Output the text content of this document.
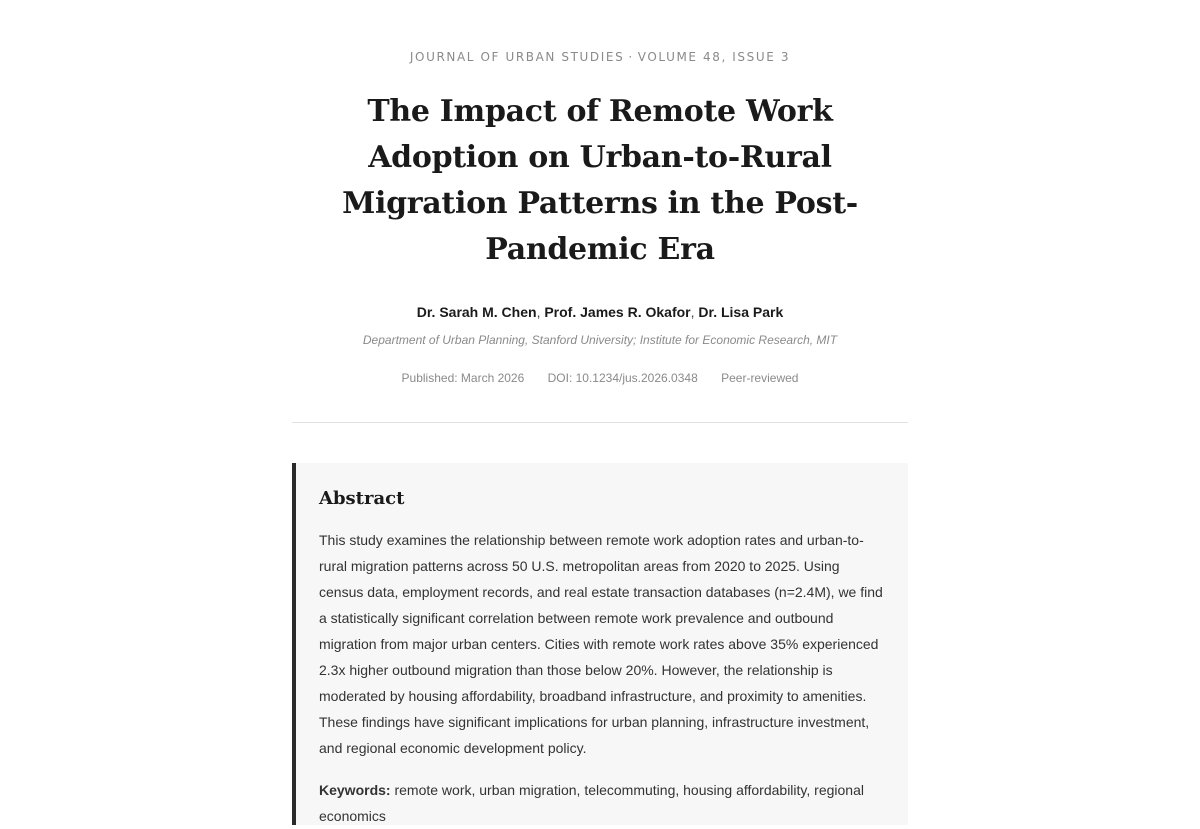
JOURNAL OF URBAN STUDIES · VOLUME 48, ISSUE 3
The Impact of Remote Work Adoption on Urban-to-Rural Migration Patterns in the Post-Pandemic Era
Dr. Sarah M. Chen, Prof. James R. Okafor, Dr. Lisa Park
Department of Urban Planning, Stanford University; Institute for Economic Research, MIT
Published: March 2026 DOI: 10.1234/jus.2026.0348 Peer-reviewed
Abstract

This study examines the relationship between remote work adoption rates and urban-to-rural migration patterns across 50 U.S. metropolitan areas from 2020 to 2025. Using census data, employment records, and real estate transaction databases (n=2.4M), we find a statistically significant correlation between remote work prevalence and outbound migration from major urban centers. Cities with remote work rates above 35% experienced 2.3x higher outbound migration than those below 20%. However, the relationship is moderated by housing affordability, broadband infrastructure, and proximity to amenities. These findings have significant implications for urban planning, infrastructure investment, and regional economic development policy.

Keywords: remote work, urban migration, telecommuting, housing affordability, regional economics
